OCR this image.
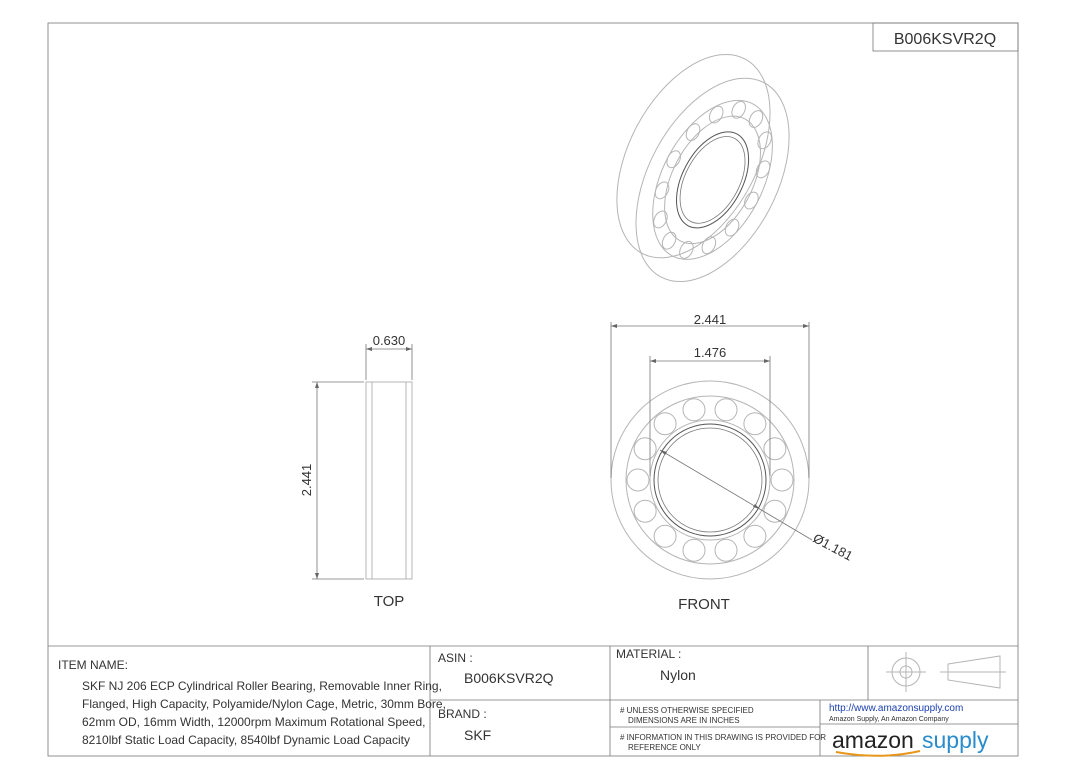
B006KSVR2Q
0.630
2.441
TOP
2.441
1.476
Ø1.181
FRONT
ITEM NAME:
SKF NJ 206 ECP Cylindrical Roller Bearing, Removable Inner Ring,
Flanged, High Capacity, Polyamide/Nylon Cage, Metric, 30mm Bore,
62mm OD, 16mm Width, 12000rpm Maximum Rotational Speed,
8210lbf Static Load Capacity, 8540lbf Dynamic Load Capacity
ASIN :
B006KSVR2Q
BRAND :
SKF
MATERIAL :
Nylon
# UNLESS OTHERWISE SPECIFIED
DIMENSIONS ARE IN INCHES
# INFORMATION IN THIS DRAWING IS PROVIDED FOR
REFERENCE ONLY
http://www.amazonsupply.com
Amazon Supply, An Amazon Company
amazon supply
